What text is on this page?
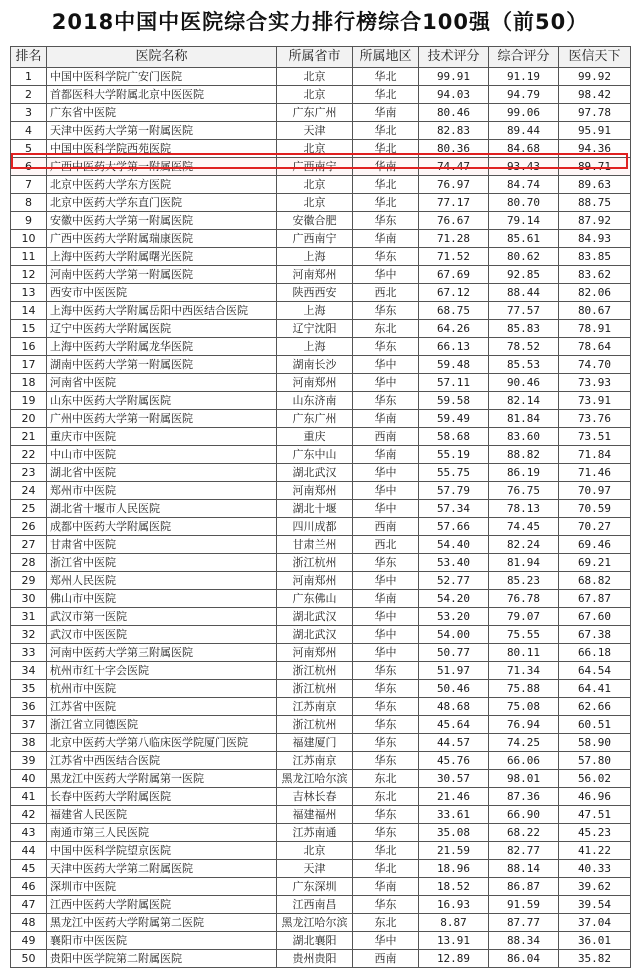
2018中国中医院综合实力排行榜综合100强（前50）
排名	医院名称	所属省市	所属地区	技术评分	综合评分	医信天下
1	中国中医科学院广安门医院	北京	华北	99.91	91.19	99.92
2	首都医科大学附属北京中医医院	北京	华北	94.03	94.79	98.42
3	广东省中医院	广东广州	华南	80.46	99.06	97.78
4	天津中医药大学第一附属医院	天津	华北	82.83	89.44	95.91
5	中国中医科学院西苑医院	北京	华北	80.36	84.68	94.36
6	广西中医药大学第一附属医院	广西南宁	华南	74.47	93.43	89.71
7	北京中医药大学东方医院	北京	华北	76.97	84.74	89.63
8	北京中医药大学东直门医院	北京	华北	77.17	80.70	88.75
9	安徽中医药大学第一附属医院	安徽合肥	华东	76.67	79.14	87.92
10	广西中医药大学附属瑞康医院	广西南宁	华南	71.28	85.61	84.93
11	上海中医药大学附属曙光医院	上海	华东	71.52	80.62	83.85
12	河南中医药大学第一附属医院	河南郑州	华中	67.69	92.85	83.62
13	西安市中医医院	陕西西安	西北	67.12	88.44	82.06
14	上海中医药大学附属岳阳中西医结合医院	上海	华东	68.75	77.57	80.67
15	辽宁中医药大学附属医院	辽宁沈阳	东北	64.26	85.83	78.91
16	上海中医药大学附属龙华医院	上海	华东	66.13	78.52	78.64
17	湖南中医药大学第一附属医院	湖南长沙	华中	59.48	85.53	74.70
18	河南省中医院	河南郑州	华中	57.11	90.46	73.93
19	山东中医药大学附属医院	山东济南	华东	59.58	82.14	73.91
20	广州中医药大学第一附属医院	广东广州	华南	59.49	81.84	73.76
21	重庆市中医院	重庆	西南	58.68	83.60	73.51
22	中山市中医院	广东中山	华南	55.19	88.82	71.84
23	湖北省中医院	湖北武汉	华中	55.75	86.19	71.46
24	郑州市中医院	河南郑州	华中	57.79	76.75	70.97
25	湖北省十堰市人民医院	湖北十堰	华中	57.34	78.13	70.59
26	成都中医药大学附属医院	四川成都	西南	57.66	74.45	70.27
27	甘肃省中医院	甘肃兰州	西北	54.40	82.24	69.46
28	浙江省中医院	浙江杭州	华东	53.40	81.94	69.21
29	郑州人民医院	河南郑州	华中	52.77	85.23	68.82
30	佛山市中医院	广东佛山	华南	54.20	76.78	67.87
31	武汉市第一医院	湖北武汉	华中	53.20	79.07	67.60
32	武汉市中医医院	湖北武汉	华中	54.00	75.55	67.38
33	河南中医药大学第三附属医院	河南郑州	华中	50.77	80.11	66.18
34	杭州市红十字会医院	浙江杭州	华东	51.97	71.34	64.54
35	杭州市中医院	浙江杭州	华东	50.46	75.88	64.41
36	江苏省中医院	江苏南京	华东	48.68	75.08	62.66
37	浙江省立同德医院	浙江杭州	华东	45.64	76.94	60.51
38	北京中医药大学第八临床医学院厦门医院	福建厦门	华东	44.57	74.25	58.90
39	江苏省中西医结合医院	江苏南京	华东	45.76	66.06	57.80
40	黑龙江中医药大学附属第一医院	黑龙江哈尔滨	东北	30.57	98.01	56.02
41	长春中医药大学附属医院	吉林长春	东北	21.46	87.36	46.96
42	福建省人民医院	福建福州	华东	33.61	66.90	47.51
43	南通市第三人民医院	江苏南通	华东	35.08	68.22	45.23
44	中国中医科学院望京医院	北京	华北	21.59	82.77	41.22
45	天津中医药大学第二附属医院	天津	华北	18.96	88.14	40.33
46	深圳市中医院	广东深圳	华南	18.52	86.87	39.62
47	江西中医药大学附属医院	江西南昌	华东	16.93	91.59	39.54
48	黑龙江中医药大学附属第二医院	黑龙江哈尔滨	东北	8.87	87.77	37.04
49	襄阳市中医医院	湖北襄阳	华中	13.91	88.34	36.01
50	贵阳中医学院第二附属医院	贵州贵阳	西南	12.89	86.04	35.82
